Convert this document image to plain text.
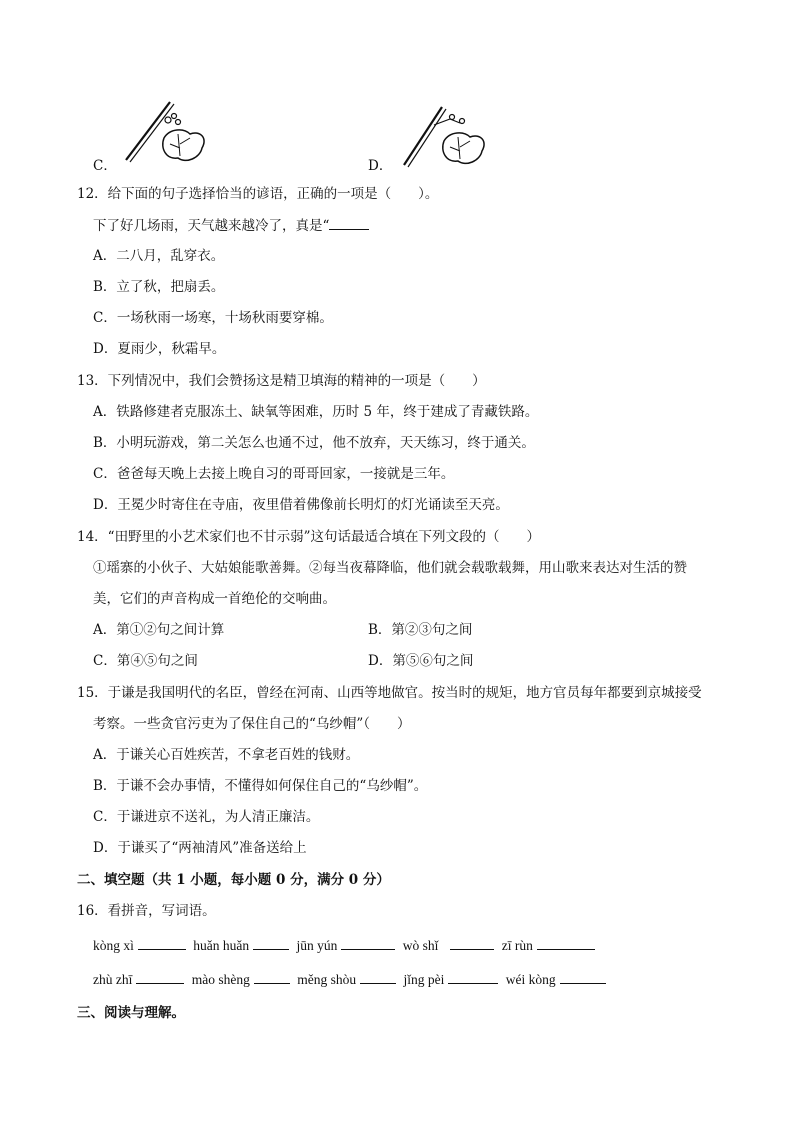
C．	D．
12．给下面的句子选择恰当的谚语，正确的一项是（　　）。
下了好几场雨，天气越来越冷了，真是“
A．二八月，乱穿衣。
B．立了秋，把扇丢。
C．一场秋雨一场寒，十场秋雨要穿棉。
D．夏雨少，秋霜早。
13．下列情况中，我们会赞扬这是精卫填海的精神的一项是（　　）
A．铁路修建者克服冻土、缺氧等困难，历时 5 年，终于建成了青藏铁路。
B．小明玩游戏，第二关怎么也通不过，他不放弃，天天练习，终于通关。
C．爸爸每天晚上去接上晚自习的哥哥回家，一接就是三年。
D．王冕少时寄住在寺庙，夜里借着佛像前长明灯的灯光诵读至天亮。
14．“田野里的小艺术家们也不甘示弱”这句话最适合填在下列文段的（　　）
①瑶寨的小伙子、大姑娘能歌善舞。②每当夜幕降临，他们就会载歌载舞，用山歌来表达对生活的赞
美，它们的声音构成一首绝伦的交响曲。
A．第①②句之间计算	B．第②③句之间
C．第④⑤句之间	D．第⑤⑥句之间
15．于谦是我国明代的名臣，曾经在河南、山西等地做官。按当时的规矩，地方官员每年都要到京城接受
考察。一些贪官污吏为了保住自己的“乌纱帽”（　　）
A．于谦关心百姓疾苦，不拿老百姓的钱财。
B．于谦不会办事情，不懂得如何保住自己的“乌纱帽”。
C．于谦进京不送礼，为人清正廉洁。
D．于谦买了“两袖清风”准备送给上
二、填空题（共 1 小题，每小题 0 分，满分 0 分）
16．看拼音，写词语。
kòng xì	huǎn huǎn	jūn yún	wò shǐ	zī rùn
zhù zhī	mào shèng	měng shòu	jǐng pèi	wéi kòng
三、阅读与理解。
